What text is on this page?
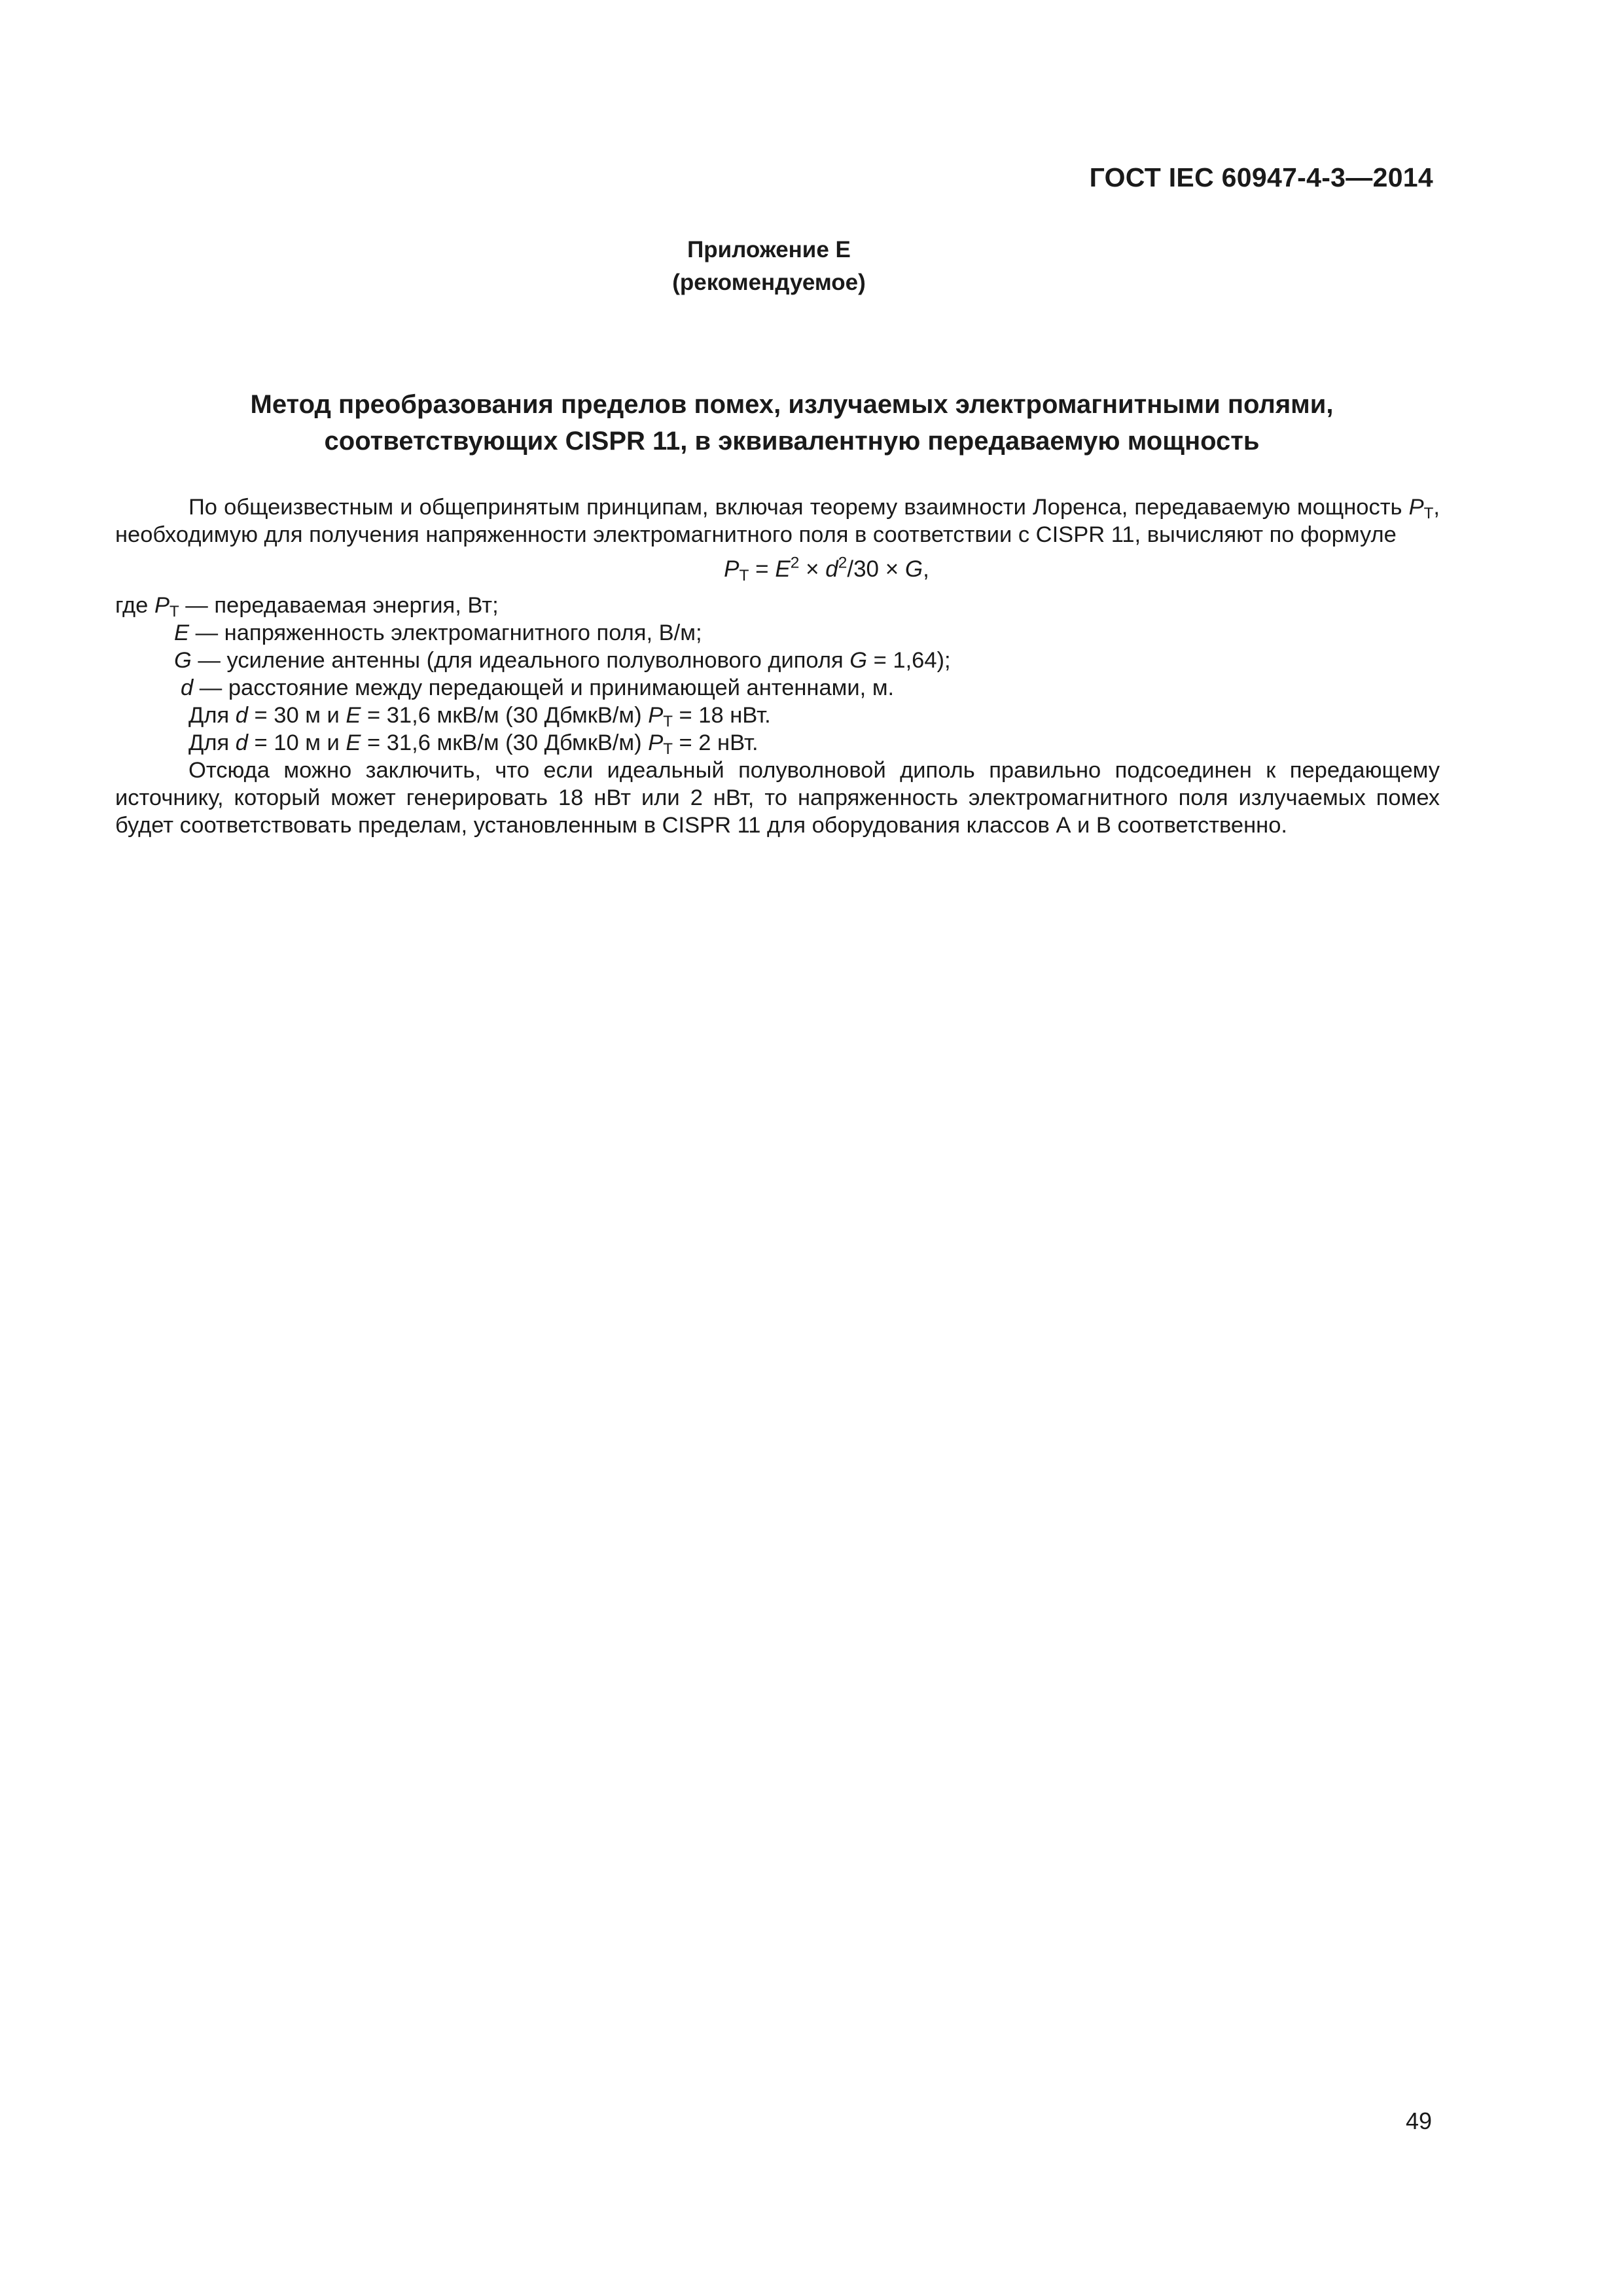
ГОСТ IEC 60947-4-3—2014
Приложение Е
(рекомендуемое)
Метод преобразования пределов помех, излучаемых электромагнитными полями,
соответствующих CISPR 11, в эквивалентную передаваемую мощность

По общеизвестным и общепринятым принципам, включая теорему взаимности Лоренса, передаваемую мощность $P_T$, необходимую для получения напряженности электромагнитного поля в соответствии с CISPR 11, вычисляют по формуле

$P_T = E^2 \times d^2/30 \times G$,

где $P_T$ — передаваемая энергия, Вт;

E — напряженность электромагнитного поля, В/м;

G — усиление антенны (для идеального полуволнового диполя G = 1,64);

d — расстояние между передающей и принимающей антеннами, м.

Для d = 30 м и E = 31,6 мкВ/м (30 ДбмкВ/м) $P_T = 18$ нВт.

Для d = 10 м и E = 31,6 мкВ/м (30 ДбмкВ/м) $P_T = 2$ нВт.

Отсюда можно заключить, что если идеальный полуволновой диполь правильно подсоединен к передающему источнику, который может генерировать 18 нВт или 2 нВт, то напряженность электромагнитного поля излучаемых помех будет соответствовать пределам, установленным в CISPR 11 для оборудования классов А и В соответственно.

49
